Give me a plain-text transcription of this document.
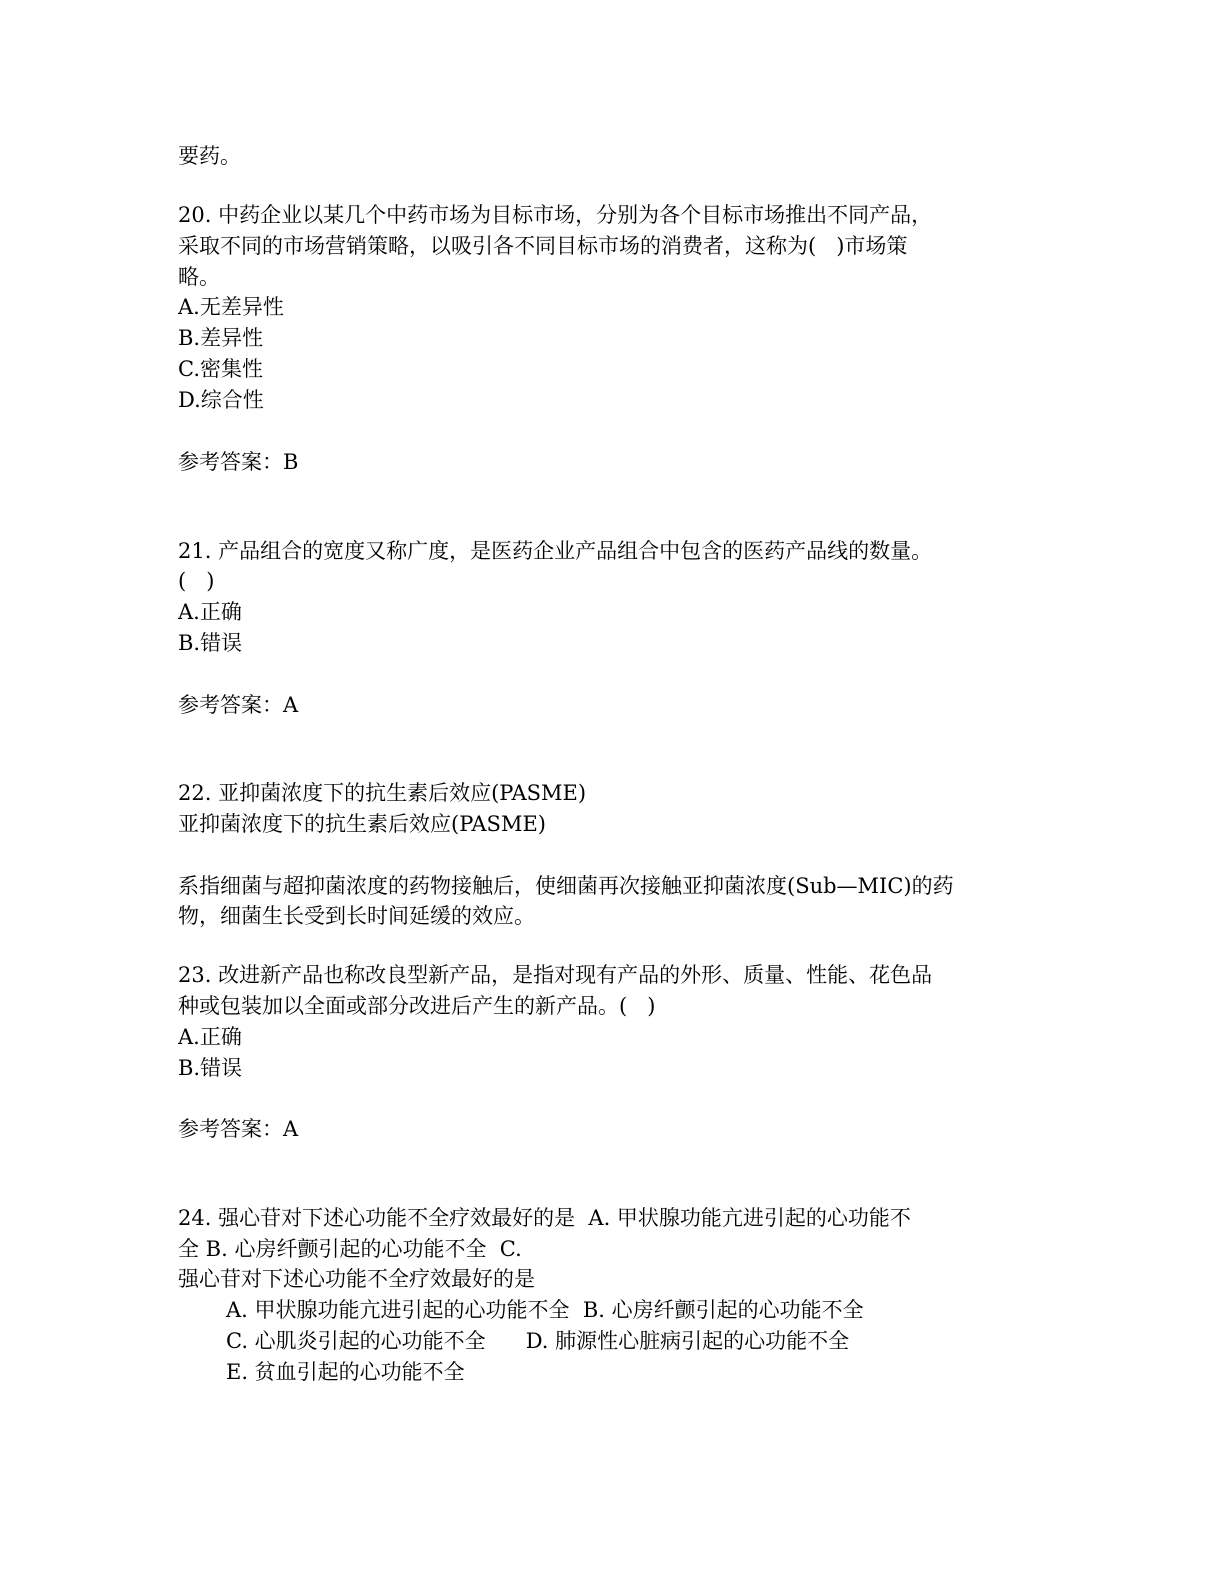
要药。
20. 中药企业以某几个中药市场为目标市场，分别为各个目标市场推出不同产品，
采取不同的市场营销策略，以吸引各不同目标市场的消费者，这称为(   )市场策
略。
A.无差异性
B.差异性
C.密集性
D.综合性
参考答案：B
21. 产品组合的宽度又称广度，是医药企业产品组合中包含的医药产品线的数量。
(   )
A.正确
B.错误
参考答案：A
22. 亚抑菌浓度下的抗生素后效应(PASME)
亚抑菌浓度下的抗生素后效应(PASME)
系指细菌与超抑菌浓度的药物接触后，使细菌再次接触亚抑菌浓度(Sub—MIC)的药
物，细菌生长受到长时间延缓的效应。
23. 改进新产品也称改良型新产品，是指对现有产品的外形、质量、性能、花色品
种或包装加以全面或部分改进后产生的新产品。(   )
A.正确
B.错误
参考答案：A
24. 强心苷对下述心功能不全疗效最好的是  A. 甲状腺功能亢进引起的心功能不
全 B. 心房纤颤引起的心功能不全  C.
强心苷对下述心功能不全疗效最好的是
A. 甲状腺功能亢进引起的心功能不全  B. 心房纤颤引起的心功能不全
C. 心肌炎引起的心功能不全      D. 肺源性心脏病引起的心功能不全
E. 贫血引起的心功能不全
